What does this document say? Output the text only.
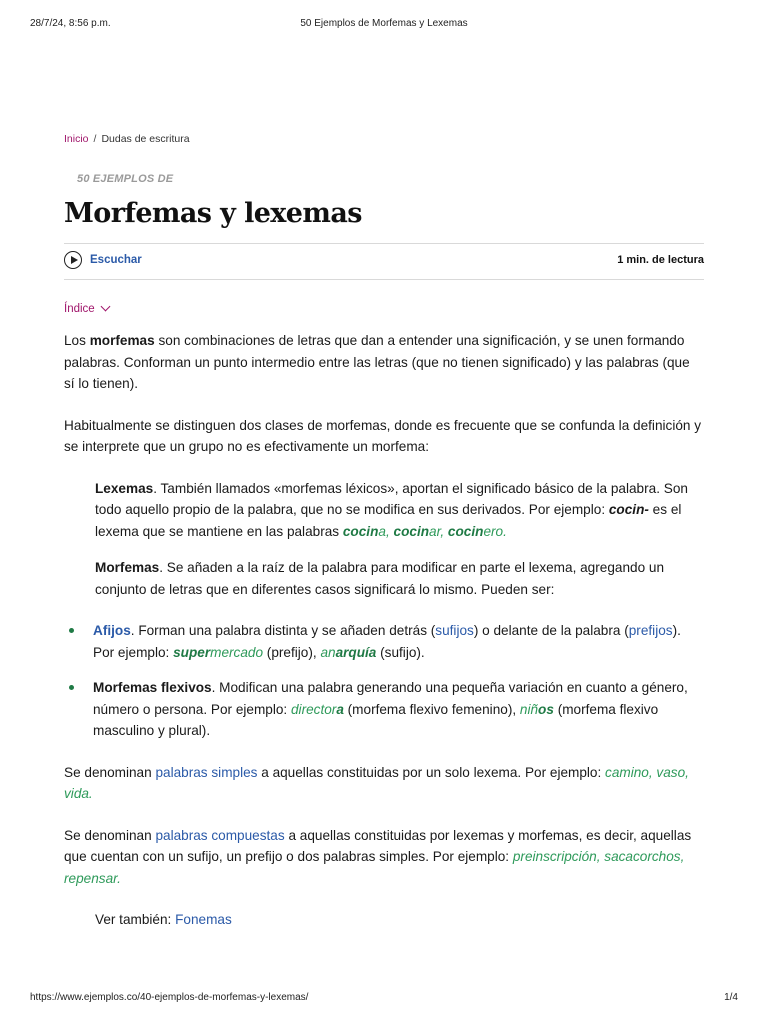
28/7/24, 8:56 p.m.	50 Ejemplos de Morfemas y Lexemas
Inicio / Dudas de escritura
50 EJEMPLOS DE
Morfemas y lexemas
Escuchar	1 min. de lectura
Índice

Los morfemas son combinaciones de letras que dan a entender una significación, y se unen formando palabras. Conforman un punto intermedio entre las letras (que no tienen significado) y las palabras (que sí lo tienen).

Habitualmente se distinguen dos clases de morfemas, donde es frecuente que se confunda la definición y se interprete que un grupo no es efectivamente un morfema:

Lexemas. También llamados «morfemas léxicos», aportan el significado básico de la palabra. Son todo aquello propio de la palabra, que no se modifica en sus derivados. Por ejemplo: cocin- es el lexema que se mantiene en las palabras cocina, cocinar, cocinero.

Morfemas. Se añaden a la raíz de la palabra para modificar en parte el lexema, agregando un conjunto de letras que en diferentes casos significará lo mismo. Pueden ser:

Afijos. Forman una palabra distinta y se añaden detrás (sufijos) o delante de la palabra (prefijos). Por ejemplo: supermercado (prefijo), anarquía (sufijo).
Morfemas flexivos. Modifican una palabra generando una pequeña variación en cuanto a género, número o persona. Por ejemplo: directora (morfema flexivo femenino), niños (morfema flexivo masculino y plural).

Se denominan palabras simples a aquellas constituidas por un solo lexema. Por ejemplo: camino, vaso, vida.

Se denominan palabras compuestas a aquellas constituidas por lexemas y morfemas, es decir, aquellas que cuentan con un sufijo, un prefijo o dos palabras simples. Por ejemplo: preinscripción, sacacorchos, repensar.

Ver también: Fonemas

https://www.ejemplos.co/40-ejemplos-de-morfemas-y-lexemas/	1/4
